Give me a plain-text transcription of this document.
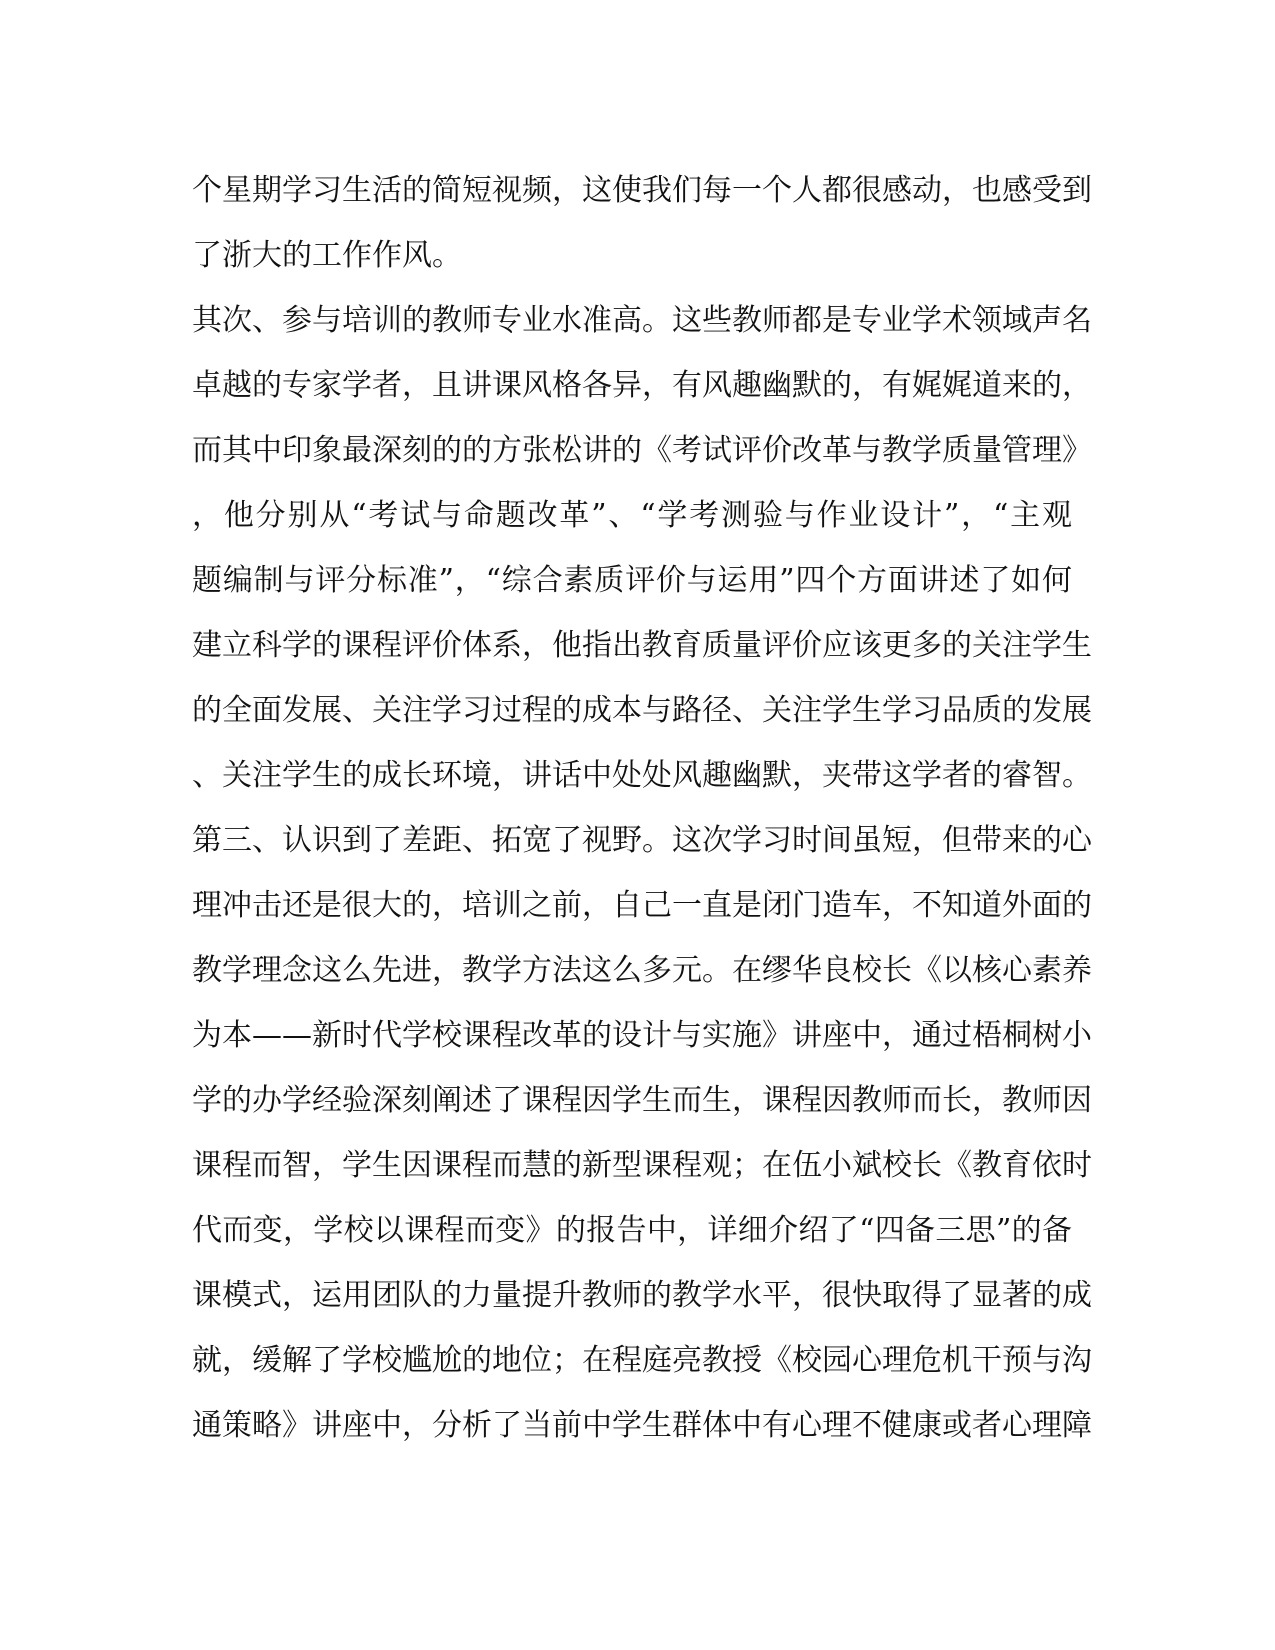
个星期学习生活的简短视频，这使我们每一个人都很感动，也感受到
了浙大的工作作风。
其次、参与培训的教师专业水准高。这些教师都是专业学术领域声名
卓越的专家学者，且讲课风格各异，有风趣幽默的，有娓娓道来的，
而其中印象最深刻的的方张松讲的《考试评价改革与教学质量管理》
，他分别从“考试与命题改革”、“学考测验与作业设计”，“主观
题编制与评分标准”，“综合素质评价与运用”四个方面讲述了如何
建立科学的课程评价体系，他指出教育质量评价应该更多的关注学生
的全面发展、关注学习过程的成本与路径、关注学生学习品质的发展
、关注学生的成长环境，讲话中处处风趣幽默，夹带这学者的睿智。
第三、认识到了差距、拓宽了视野。这次学习时间虽短，但带来的心
理冲击还是很大的，培训之前，自己一直是闭门造车，不知道外面的
教学理念这么先进，教学方法这么多元。在缪华良校长《以核心素养
为本——新时代学校课程改革的设计与实施》讲座中，通过梧桐树小
学的办学经验深刻阐述了课程因学生而生，课程因教师而长，教师因
课程而智，学生因课程而慧的新型课程观；在伍小斌校长《教育依时
代而变，学校以课程而变》的报告中，详细介绍了“四备三思”的备
课模式，运用团队的力量提升教师的教学水平，很快取得了显著的成
就，缓解了学校尴尬的地位；在程庭亮教授《校园心理危机干预与沟
通策略》讲座中，分析了当前中学生群体中有心理不健康或者心理障
